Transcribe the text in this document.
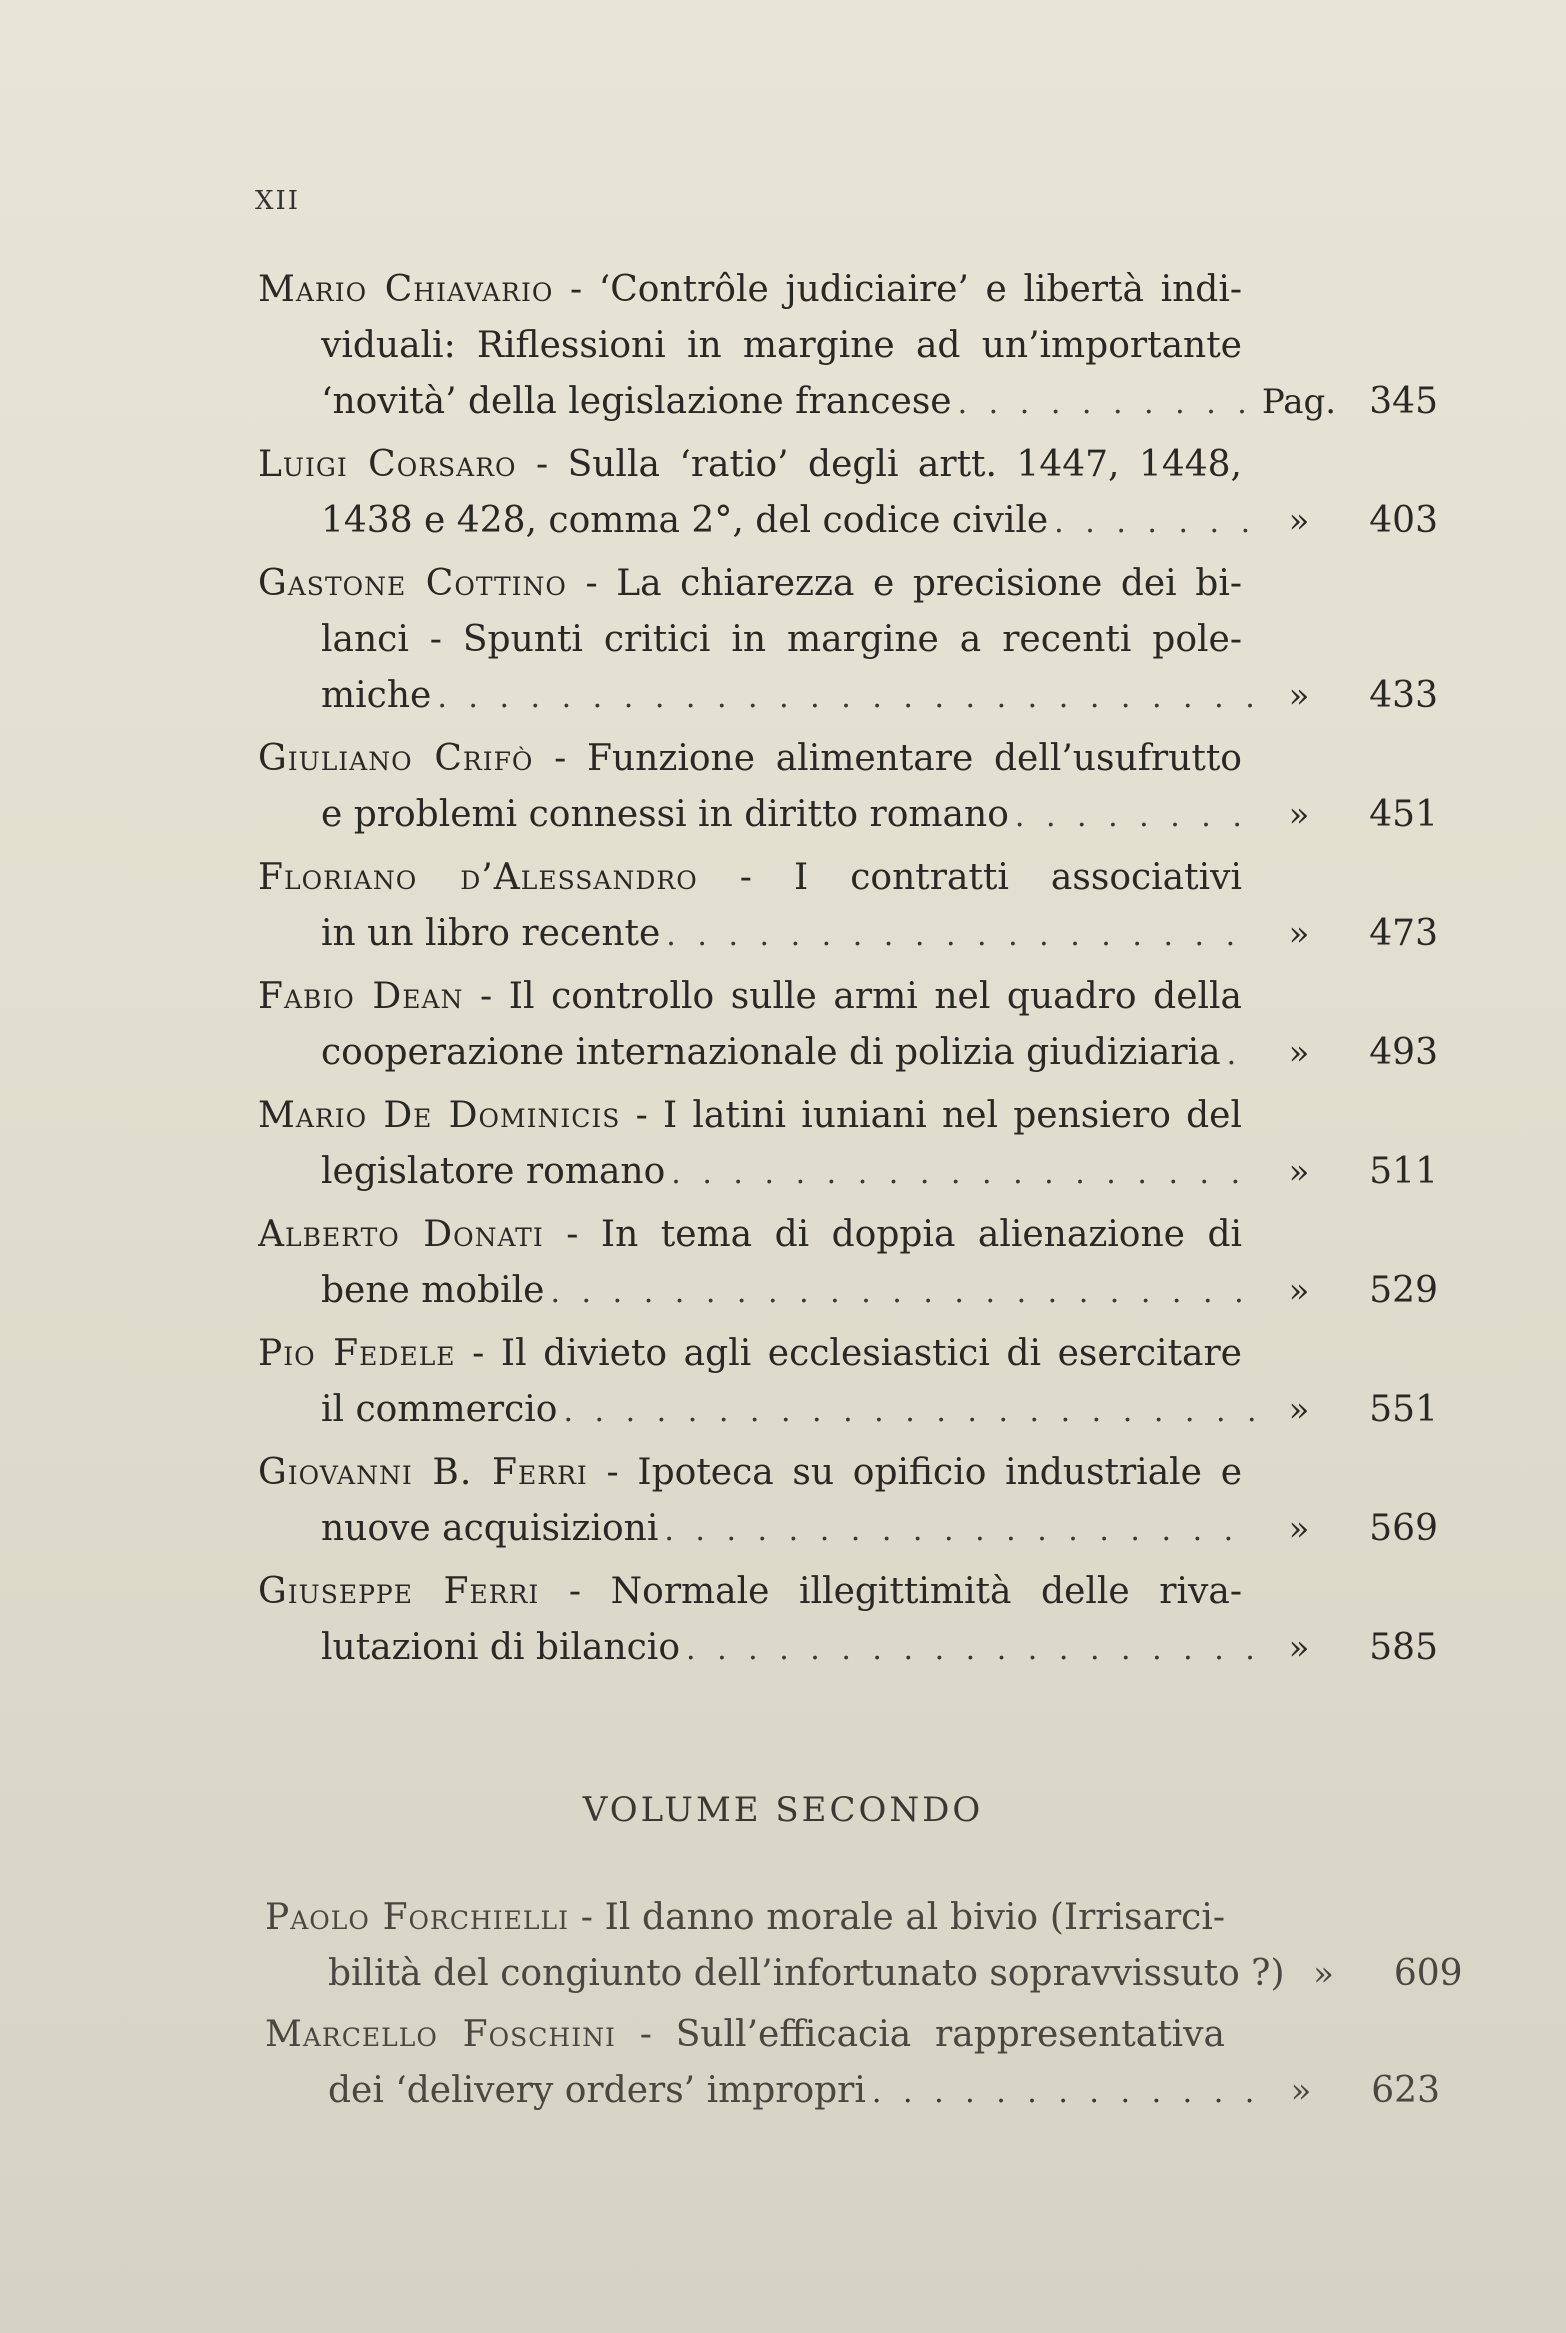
XII
Mario Chiavario - ‘Contrôle judiciaire’ e libertà indi-
viduali: Riflessioni in margine ad un’importante
‘novità’ della legislazione francese . . .	Pag. 345
Luigi Corsaro - Sulla ‘ratio’ degli artt. 1447, 1448,
1438 e 428, comma 2°, del codice civile . . .	»	403
Gastone Cottino - La chiarezza e precisione dei bi-
lanci - Spunti critici in margine a recenti pole-
miche . . .	»	433
Giuliano Crifò - Funzione alimentare dell’usufrutto
e problemi connessi in diritto romano . . .	»	451
Floriano d’Alessandro - I contratti associativi
in un libro recente . . .	»	473
Fabio Dean - Il controllo sulle armi nel quadro della
cooperazione internazionale di polizia giudiziaria . . .	»	493
Mario De Dominicis - I latini iuniani nel pensiero del
legislatore romano . . .	»	511
Alberto Donati - In tema di doppia alienazione di
bene mobile . . .	»	529
Pio Fedele - Il divieto agli ecclesiastici di esercitare
il commercio . . .	»	551
Giovanni B. Ferri - Ipoteca su opificio industriale e
nuove acquisizioni . . .	»	569
Giuseppe Ferri - Normale illegittimità delle riva-
lutazioni di bilancio . . .	»	585
VOLUME SECONDO
Paolo Forchielli - Il danno morale al bivio (Irrisarci-
bilità del congiunto dell’infortunato sopravvissuto ?) »	609
Marcello Foschini - Sull’efficacia rappresentativa
dei ‘delivery orders’ impropri . . .	»	623
